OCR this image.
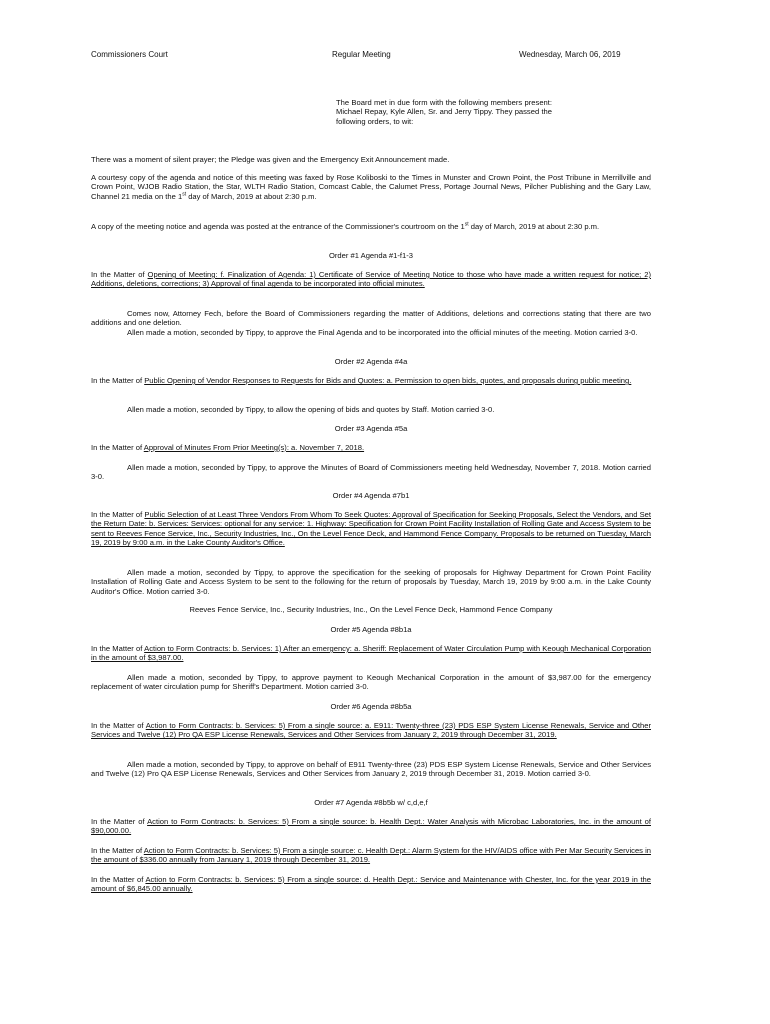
Commissioners Court	Regular Meeting	Wednesday, March 06, 2019

The Board met in due form with the following members present: Michael Repay, Kyle Allen, Sr. and Jerry Tippy. They passed the following orders, to wit:

There was a moment of silent prayer; the Pledge was given and the Emergency Exit Announcement made.

A courtesy copy of the agenda and notice of this meeting was faxed by Rose Koliboski to the Times in Munster and Crown Point, the Post Tribune in Merrillville and Crown Point, WJOB Radio Station, the Star, WLTH Radio Station, Comcast Cable, the Calumet Press, Portage Journal News, Pilcher Publishing and the Gary Law, Channel 21 media on the 1st day of March, 2019 at about 2:30 p.m.

A copy of the meeting notice and agenda was posted at the entrance of the Commissioner's courtroom on the 1st day of March, 2019 at about 2:30 p.m.

Order #1 Agenda #1-f1-3

In the Matter of Opening of Meeting: f. Finalization of Agenda: 1) Certificate of Service of Meeting Notice to those who have made a written request for notice; 2) Additions, deletions, corrections; 3) Approval of final agenda to be incorporated into official minutes.

Comes now, Attorney Fech, before the Board of Commissioners regarding the matter of Additions, deletions and corrections stating that there are two additions and one deletion.

Allen made a motion, seconded by Tippy, to approve the Final Agenda and to be incorporated into the official minutes of the meeting. Motion carried 3-0.

Order #2 Agenda #4a

In the Matter of Public Opening of Vendor Responses to Requests for Bids and Quotes: a. Permission to open bids, quotes, and proposals during public meeting.

Allen made a motion, seconded by Tippy, to allow the opening of bids and quotes by Staff. Motion carried 3-0.

Order #3 Agenda #5a

In the Matter of Approval of Minutes From Prior Meeting(s): a. November 7, 2018.

Allen made a motion, seconded by Tippy, to approve the Minutes of Board of Commissioners meeting held Wednesday, November 7, 2018. Motion carried 3-0.

Order #4 Agenda #7b1

In the Matter of Public Selection of at Least Three Vendors From Whom To Seek Quotes: Approval of Specification for Seeking Proposals, Select the Vendors, and Set the Return Date: b. Services: Services: optional for any service: 1. Highway: Specification for Crown Point Facility Installation of Rolling Gate and Access System to be sent to Reeves Fence Service, Inc., Security Industries, Inc., On the Level Fence Deck, and Hammond Fence Company. Proposals to be returned on Tuesday, March 19, 2019 by 9:00 a.m. in the Lake County Auditor's Office.

Allen made a motion, seconded by Tippy, to approve the specification for the seeking of proposals for Highway Department for Crown Point Facility Installation of Rolling Gate and Access System to be sent to the following for the return of proposals by Tuesday, March 19, 2019 by 9:00 a.m. in the Lake County Auditor's Office. Motion carried 3-0.

Reeves Fence Service, Inc., Security Industries, Inc., On the Level Fence Deck, Hammond Fence Company

Order #5 Agenda #8b1a

In the Matter of Action to Form Contracts: b. Services: 1) After an emergency: a. Sheriff: Replacement of Water Circulation Pump with Keough Mechanical Corporation in the amount of $3,987.00.

Allen made a motion, seconded by Tippy, to approve payment to Keough Mechanical Corporation in the amount of $3,987.00 for the emergency replacement of water circulation pump for Sheriff's Department. Motion carried 3-0.

Order #6 Agenda #8b5a

In the Matter of Action to Form Contracts: b. Services: 5) From a single source: a. E911: Twenty-three (23) PDS ESP System License Renewals, Service and Other Services and Twelve (12) Pro QA ESP License Renewals, Services and Other Services from January 2, 2019 through December 31, 2019.

Allen made a motion, seconded by Tippy, to approve on behalf of E911 Twenty-three (23) PDS ESP System License Renewals, Service and Other Services and Twelve (12) Pro QA ESP License Renewals, Services and Other Services from January 2, 2019 through December 31, 2019. Motion carried 3-0.

Order #7 Agenda #8b5b w/ c,d,e,f

In the Matter of Action to Form Contracts: b. Services: 5) From a single source: b. Health Dept.: Water Analysis with Microbac Laboratories, Inc. in the amount of $90,000.00.

In the Matter of Action to Form Contracts: b. Services: 5) From a single source: c. Health Dept.: Alarm System for the HIV/AIDS office with Per Mar Security Services in the amount of $336.00 annually from January 1, 2019 through December 31, 2019.

In the Matter of Action to Form Contracts: b. Services: 5) From a single source: d. Health Dept.: Service and Maintenance with Chester, Inc. for the year 2019 in the amount of $6,845.00 annually.
